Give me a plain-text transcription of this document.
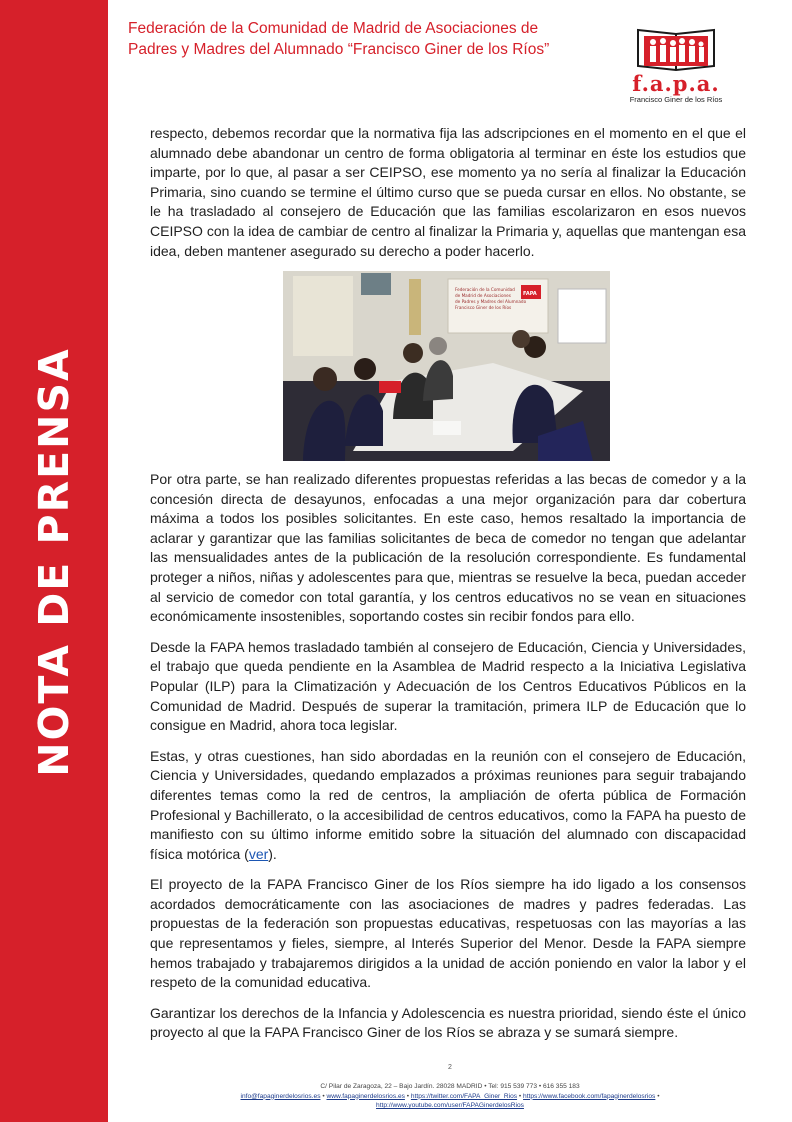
NOTA DE PRENSA
Federación de la Comunidad de Madrid de Asociaciones de
Padres y Madres del Alumnado “Francisco Giner de los Ríos”
f.a.p.a.
Francisco Giner de los Ríos

respecto, debemos recordar que la normativa fija las adscripciones en el momento en el que el alumnado debe abandonar un centro de forma obligatoria al terminar en éste los estudios que imparte, por lo que, al pasar a ser CEIPSO, ese momento ya no sería al finalizar la Educación Primaria, sino cuando se termine el último curso que se pueda cursar en ellos. No obstante, se le ha trasladado al consejero de Educación que las familias escolarizaron en esos nuevos CEIPSO con la idea de cambiar de centro al finalizar la Primaria y, aquellas que mantengan esa idea, deben mantener asegurado su derecho a poder hacerlo.

Federación de la Comunidad
de Madrid de Asociaciones
de Padres y Madres del Alumnado
Francisco Giner de los Ríos
FAPA

Por otra parte, se han realizado diferentes propuestas referidas a las becas de comedor y a la concesión directa de desayunos, enfocadas a una mejor organización para dar cobertura máxima a todos los posibles solicitantes. En este caso, hemos resaltado la importancia de aclarar y garantizar que las familias solicitantes de beca de comedor no tengan que adelantar las mensualidades antes de la publicación de la resolución correspondiente. Es fundamental proteger a niños, niñas y adolescentes para que, mientras se resuelve la beca, puedan acceder al servicio de comedor con total garantía, y los centros educativos no se vean en situaciones económicamente insostenibles, soportando costes sin recibir fondos para ello.

Desde la FAPA hemos trasladado también al consejero de Educación, Ciencia y Universidades, el trabajo que queda pendiente en la Asamblea de Madrid respecto a la Iniciativa Legislativa Popular (ILP) para la Climatización y Adecuación de los Centros Educativos Públicos en la Comunidad de Madrid. Después de superar la tramitación, primera ILP de Educación que lo consigue en Madrid, ahora toca legislar.

Estas, y otras cuestiones, han sido abordadas en la reunión con el consejero de Educación, Ciencia y Universidades, quedando emplazados a próximas reuniones para seguir trabajando diferentes temas como la red de centros, la ampliación de oferta pública de Formación Profesional y Bachillerato, o la accesibilidad de centros educativos, como la FAPA ha puesto de manifiesto con su último informe emitido sobre la situación del alumnado con discapacidad física motórica (ver).

El proyecto de la FAPA Francisco Giner de los Ríos siempre ha ido ligado a los consensos acordados democráticamente con las asociaciones de madres y padres federadas. Las propuestas de la federación son propuestas educativas, respetuosas con las mayorías a las que representamos y fieles, siempre, al Interés Superior del Menor. Desde la FAPA siempre hemos trabajado y trabajaremos dirigidos a la unidad de acción poniendo en valor la labor y el respeto de la comunidad educativa.

Garantizar los derechos de la Infancia y Adolescencia es nuestra prioridad, siendo éste el único proyecto al que la FAPA Francisco Giner de los Ríos se abraza y se sumará siempre.

2
C/ Pilar de Zaragoza, 22 – Bajo Jardín. 28028 MADRID • Tel: 915 539 773 • 616 355 183
info@fapaginerdelosrios.es • www.fapaginerdelosrios.es • https://twitter.com/FAPA_Giner_Rios • https://www.facebook.com/fapaginerdelosrios •
http://www.youtube.com/user/FAPAGinerdelosRios
